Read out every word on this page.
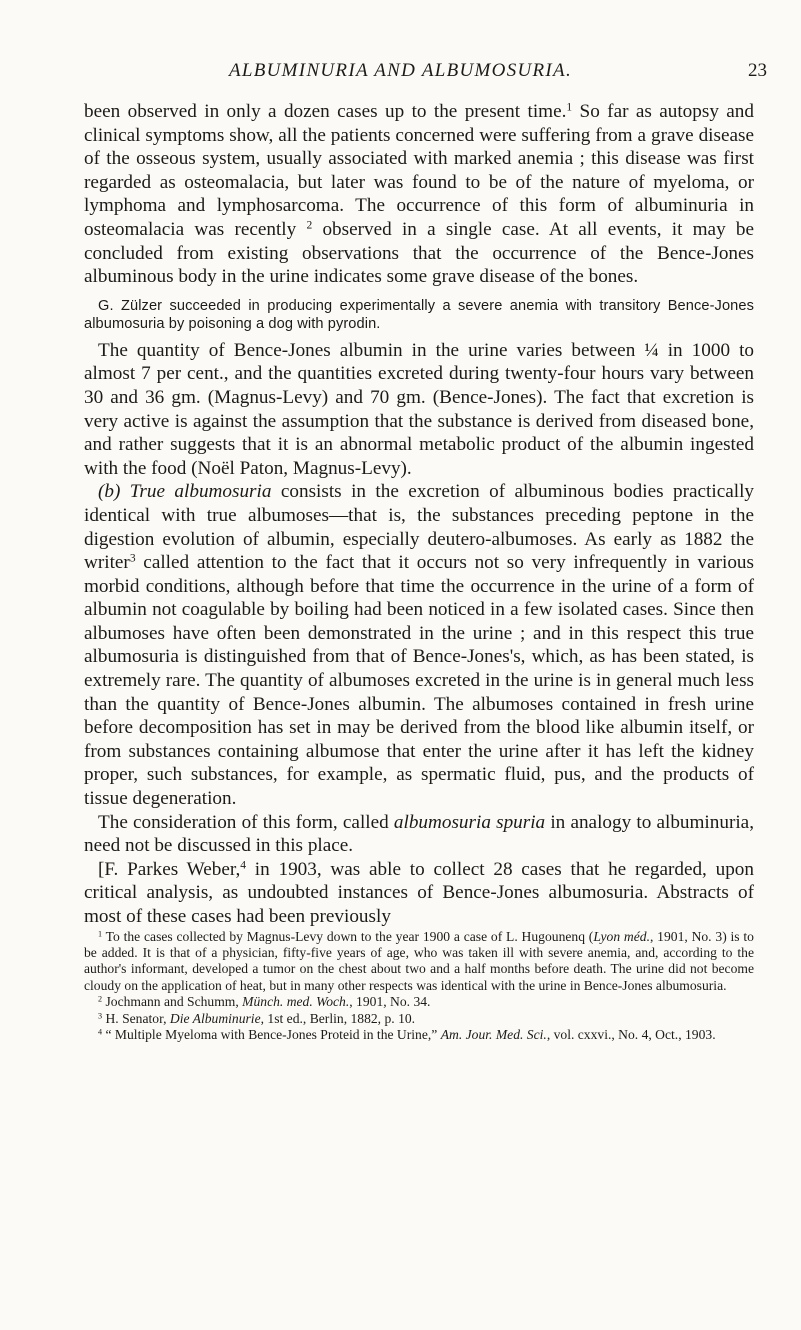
ALBUMINURIA AND ALBUMOSURIA.	23

been observed in only a dozen cases up to the present time.$^1$ So far as autopsy and clinical symptoms show, all the patients concerned were suffering from a grave disease of the osseous system, usually associated with marked anemia ; this disease was first regarded as osteomalacia, but later was found to be of the nature of myeloma, or lymphoma and lymphosarcoma. The occurrence of this form of albuminuria in osteomalacia was recently $^2$ observed in a single case. At all events, it may be concluded from existing observations that the occurrence of the Bence-Jones albuminous body in the urine indicates some grave disease of the bones.

G. Zülzer succeeded in producing experimentally a severe anemia with transitory Bence-Jones albumosuria by poisoning a dog with pyrodin.

The quantity of Bence-Jones albumin in the urine varies between ¼ in 1000 to almost 7 per cent., and the quantities excreted during twenty-four hours vary between 30 and 36 gm. (Magnus-Levy) and 70 gm. (Bence-Jones). The fact that excretion is very active is against the assumption that the substance is derived from diseased bone, and rather suggests that it is an abnormal metabolic product of the albumin ingested with the food (Noël Paton, Magnus-Levy).

(b) True albumosuria consists in the excretion of albuminous bodies practically identical with true albumoses—that is, the substances preceding peptone in the digestion evolution of albumin, especially deutero-albumoses. As early as 1882 the writer$^3$ called attention to the fact that it occurs not so very infrequently in various morbid conditions, although before that time the occurrence in the urine of a form of albumin not coagulable by boiling had been noticed in a few isolated cases. Since then albumoses have often been demonstrated in the urine ; and in this respect this true albumosuria is distinguished from that of Bence-Jones's, which, as has been stated, is extremely rare. The quantity of albumoses excreted in the urine is in general much less than the quantity of Bence-Jones albumin. The albumoses contained in fresh urine before decomposition has set in may be derived from the blood like albumin itself, or from substances containing albumose that enter the urine after it has left the kidney proper, such substances, for example, as spermatic fluid, pus, and the products of tissue degeneration.

The consideration of this form, called albumosuria spuria in analogy to albuminuria, need not be discussed in this place.

[F. Parkes Weber,$^4$ in 1903, was able to collect 28 cases that he regarded, upon critical analysis, as undoubted instances of Bence-Jones albumosuria. Abstracts of most of these cases had been previously

$^1$ To the cases collected by Magnus-Levy down to the year 1900 a case of L. Hugounenq (Lyon méd., 1901, No. 3) is to be added. It is that of a physician, fifty-five years of age, who was taken ill with severe anemia, and, according to the author's informant, developed a tumor on the chest about two and a half months before death. The urine did not become cloudy on the application of heat, but in many other respects was identical with the urine in Bence-Jones albumosuria.

$^2$ Jochmann and Schumm, Münch. med. Woch., 1901, No. 34.

$^3$ H. Senator, Die Albuminurie, 1st ed., Berlin, 1882, p. 10.

$^4$ “ Multiple Myeloma with Bence-Jones Proteid in the Urine,” Am. Jour. Med. Sci., vol. cxxvi., No. 4, Oct., 1903.
